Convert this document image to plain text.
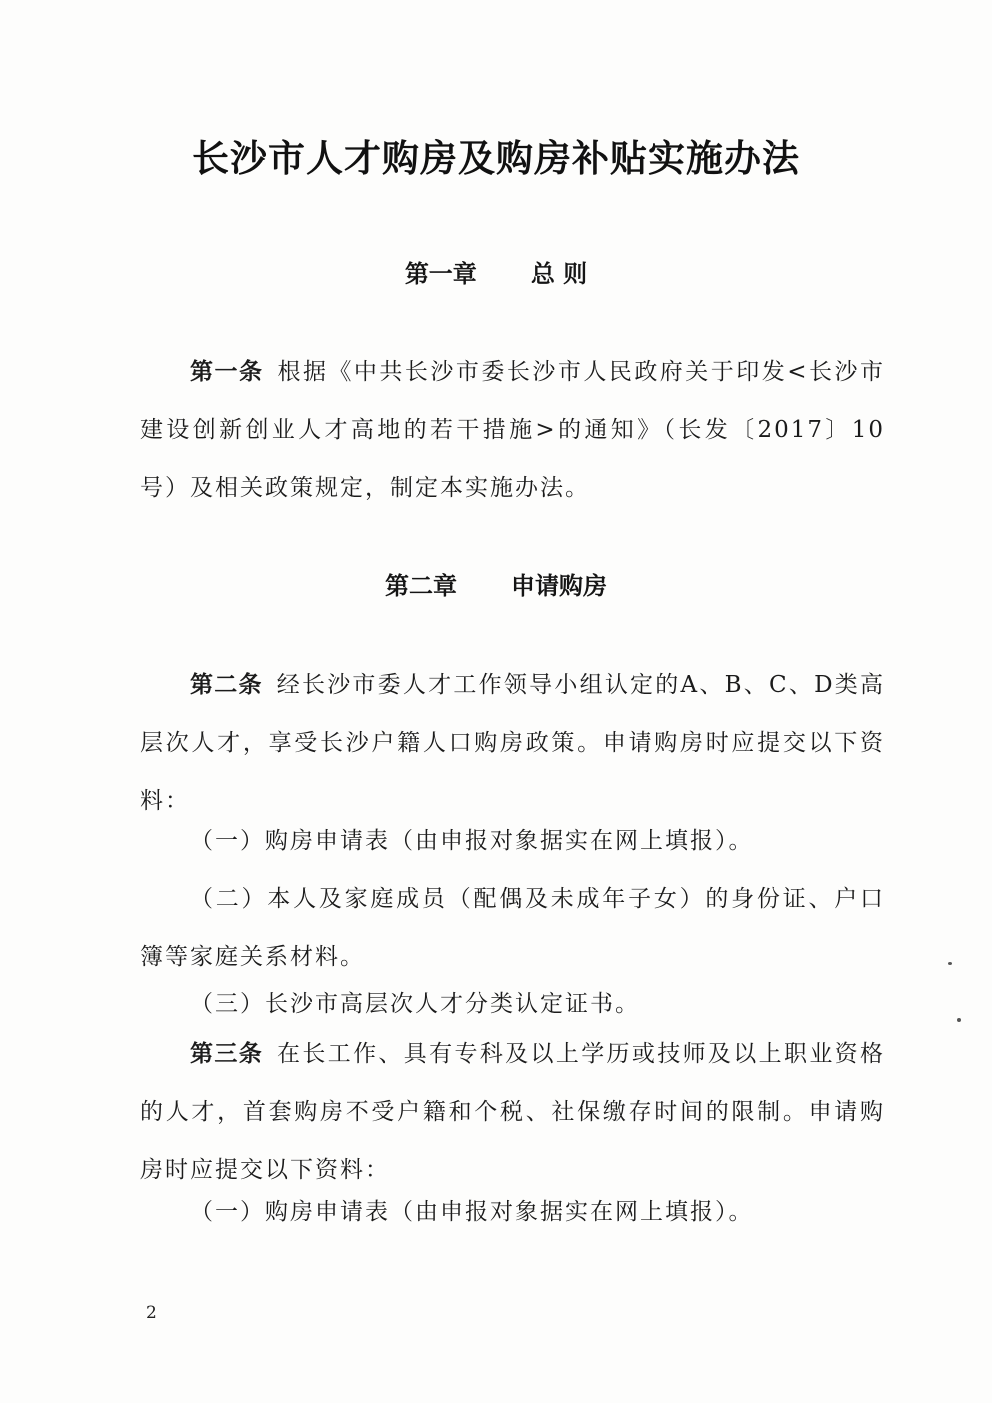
长沙市人才购房及购房补贴实施办法
第一章 总 则
第一条 根据《中共长沙市委长沙市人民政府关于印发<长沙市建设创新创业人才高地的若干措施>的通知》（长发〔2017〕10号）及相关政策规定，制定本实施办法。
第二章 申请购房
第二条 经长沙市委人才工作领导小组认定的A、B、C、D类高层次人才，享受长沙户籍人口购房政策。申请购房时应提交以下资料：
（一）购房申请表（由申报对象据实在网上填报）。
（二）本人及家庭成员（配偶及未成年子女）的身份证、户口簿等家庭关系材料。
（三）长沙市高层次人才分类认定证书。
第三条 在长工作、具有专科及以上学历或技师及以上职业资格的人才，首套购房不受户籍和个税、社保缴存时间的限制。申请购房时应提交以下资料：
（一）购房申请表（由申报对象据实在网上填报）。
2
